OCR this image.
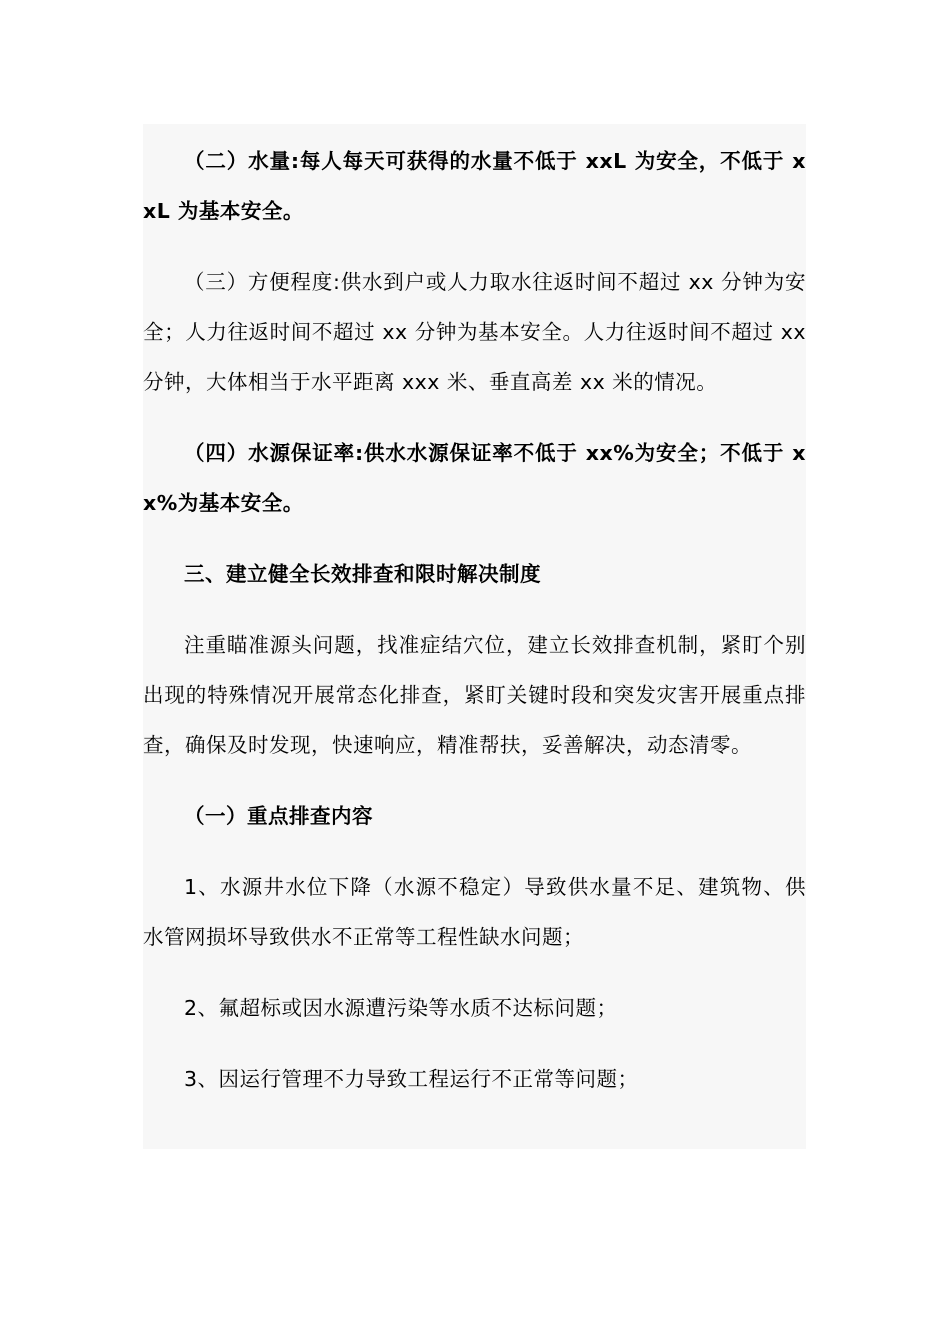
（二）水量:每人每天可获得的水量不低于 xxL 为安全，不低于 xxL 为基本安全。

（三）方便程度:供水到户或人力取水往返时间不超过 xx 分钟为安全；人力往返时间不超过 xx 分钟为基本安全。人力往返时间不超过 xx 分钟，大体相当于水平距离 xxx 米、垂直高差 xx 米的情况。

（四）水源保证率:供水水源保证率不低于 xx%为安全；不低于 xx%为基本安全。

三、建立健全长效排查和限时解决制度

注重瞄准源头问题，找准症结穴位，建立长效排查机制，紧盯个别出现的特殊情况开展常态化排查，紧盯关键时段和突发灾害开展重点排查，确保及时发现，快速响应，精准帮扶，妥善解决，动态清零。

（一）重点排查内容

1、水源井水位下降（水源不稳定）导致供水量不足、建筑物、供水管网损坏导致供水不正常等工程性缺水问题；

2、氟超标或因水源遭污染等水质不达标问题；

3、因运行管理不力导致工程运行不正常等问题；
